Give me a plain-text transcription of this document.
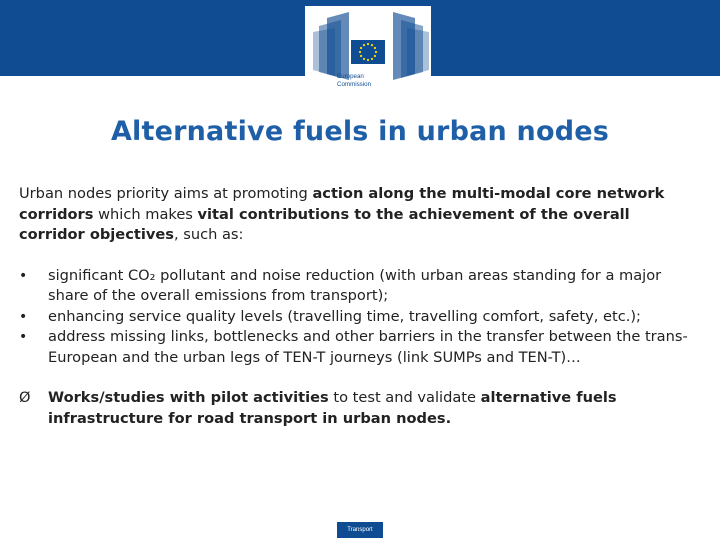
European
Commission
Alternative fuels in urban nodes

Urban nodes priority aims at promoting action along the multi-modal core network corridors which makes vital contributions to the achievement of the overall corridor objectives, such as:

• significant CO₂ pollutant and noise reduction (with urban areas standing for a major share of the overall emissions from transport);
• enhancing service quality levels (travelling time, travelling comfort, safety, etc.);
• address missing links, bottlenecks and other barriers in the transfer between the trans-European and the urban legs of TEN-T journeys (link SUMPs and TEN-T)…
Ø Works/studies with pilot activities to test and validate alternative fuels infrastructure for road transport in urban nodes.
Transport
